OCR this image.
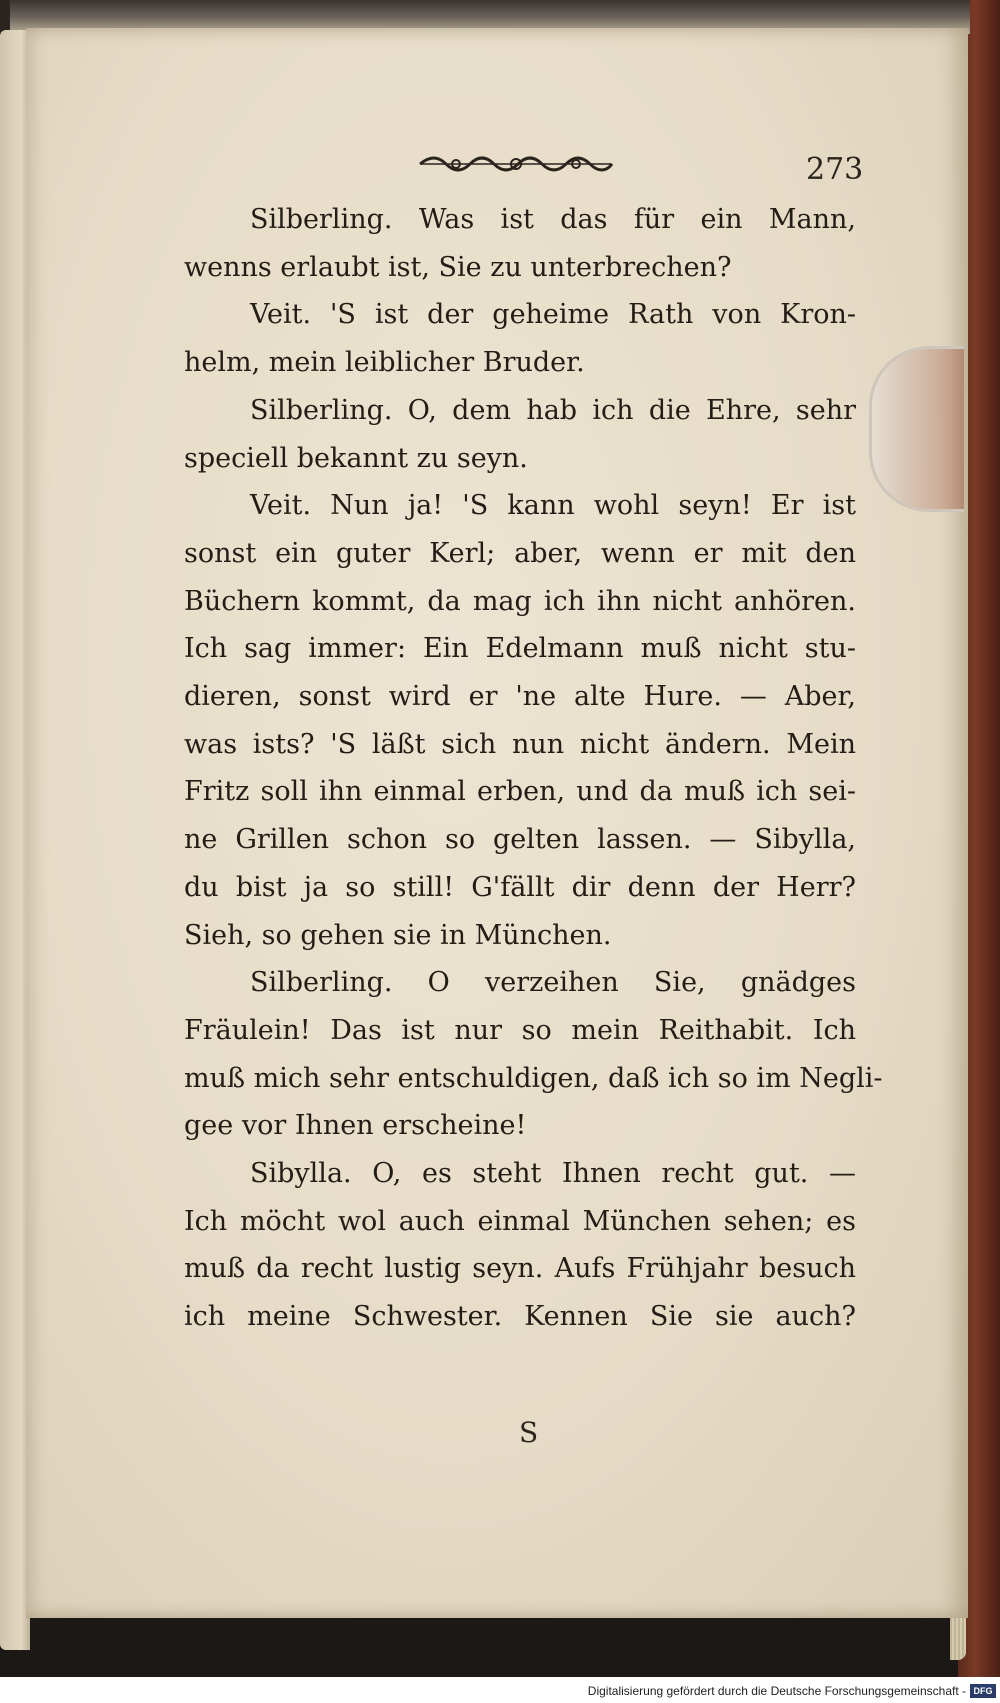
273
Silberling. Was ist das für ein Mann,
wenns erlaubt ist, Sie zu unterbrechen?
Veit. 'S ist der geheime Rath von Kron-
helm, mein leiblicher Bruder.
Silberling. O, dem hab ich die Ehre, sehr
speciell bekannt zu seyn.
Veit. Nun ja! 'S kann wohl seyn! Er ist
sonst ein guter Kerl; aber, wenn er mit den
Büchern kommt, da mag ich ihn nicht anhören.
Ich sag immer: Ein Edelmann muß nicht stu-
dieren, sonst wird er 'ne alte Hure. — Aber,
was ists? 'S läßt sich nun nicht ändern. Mein
Fritz soll ihn einmal erben, und da muß ich sei-
ne Grillen schon so gelten lassen. — Sibylla,
du bist ja so still! G'fällt dir denn der Herr?
Sieh, so gehen sie in München.
Silberling. O verzeihen Sie, gnädges
Fräulein! Das ist nur so mein Reithabit. Ich
muß mich sehr entschuldigen, daß ich so im Negli-
gee vor Ihnen erscheine!
Sibylla. O, es steht Ihnen recht gut. —
Ich möcht wol auch einmal München sehen; es
muß da recht lustig seyn. Aufs Frühjahr besuch
ich meine Schwester. Kennen Sie sie auch?
S
Digitalisierung gefördert durch die Deutsche Forschungsgemeinschaft - DFG
